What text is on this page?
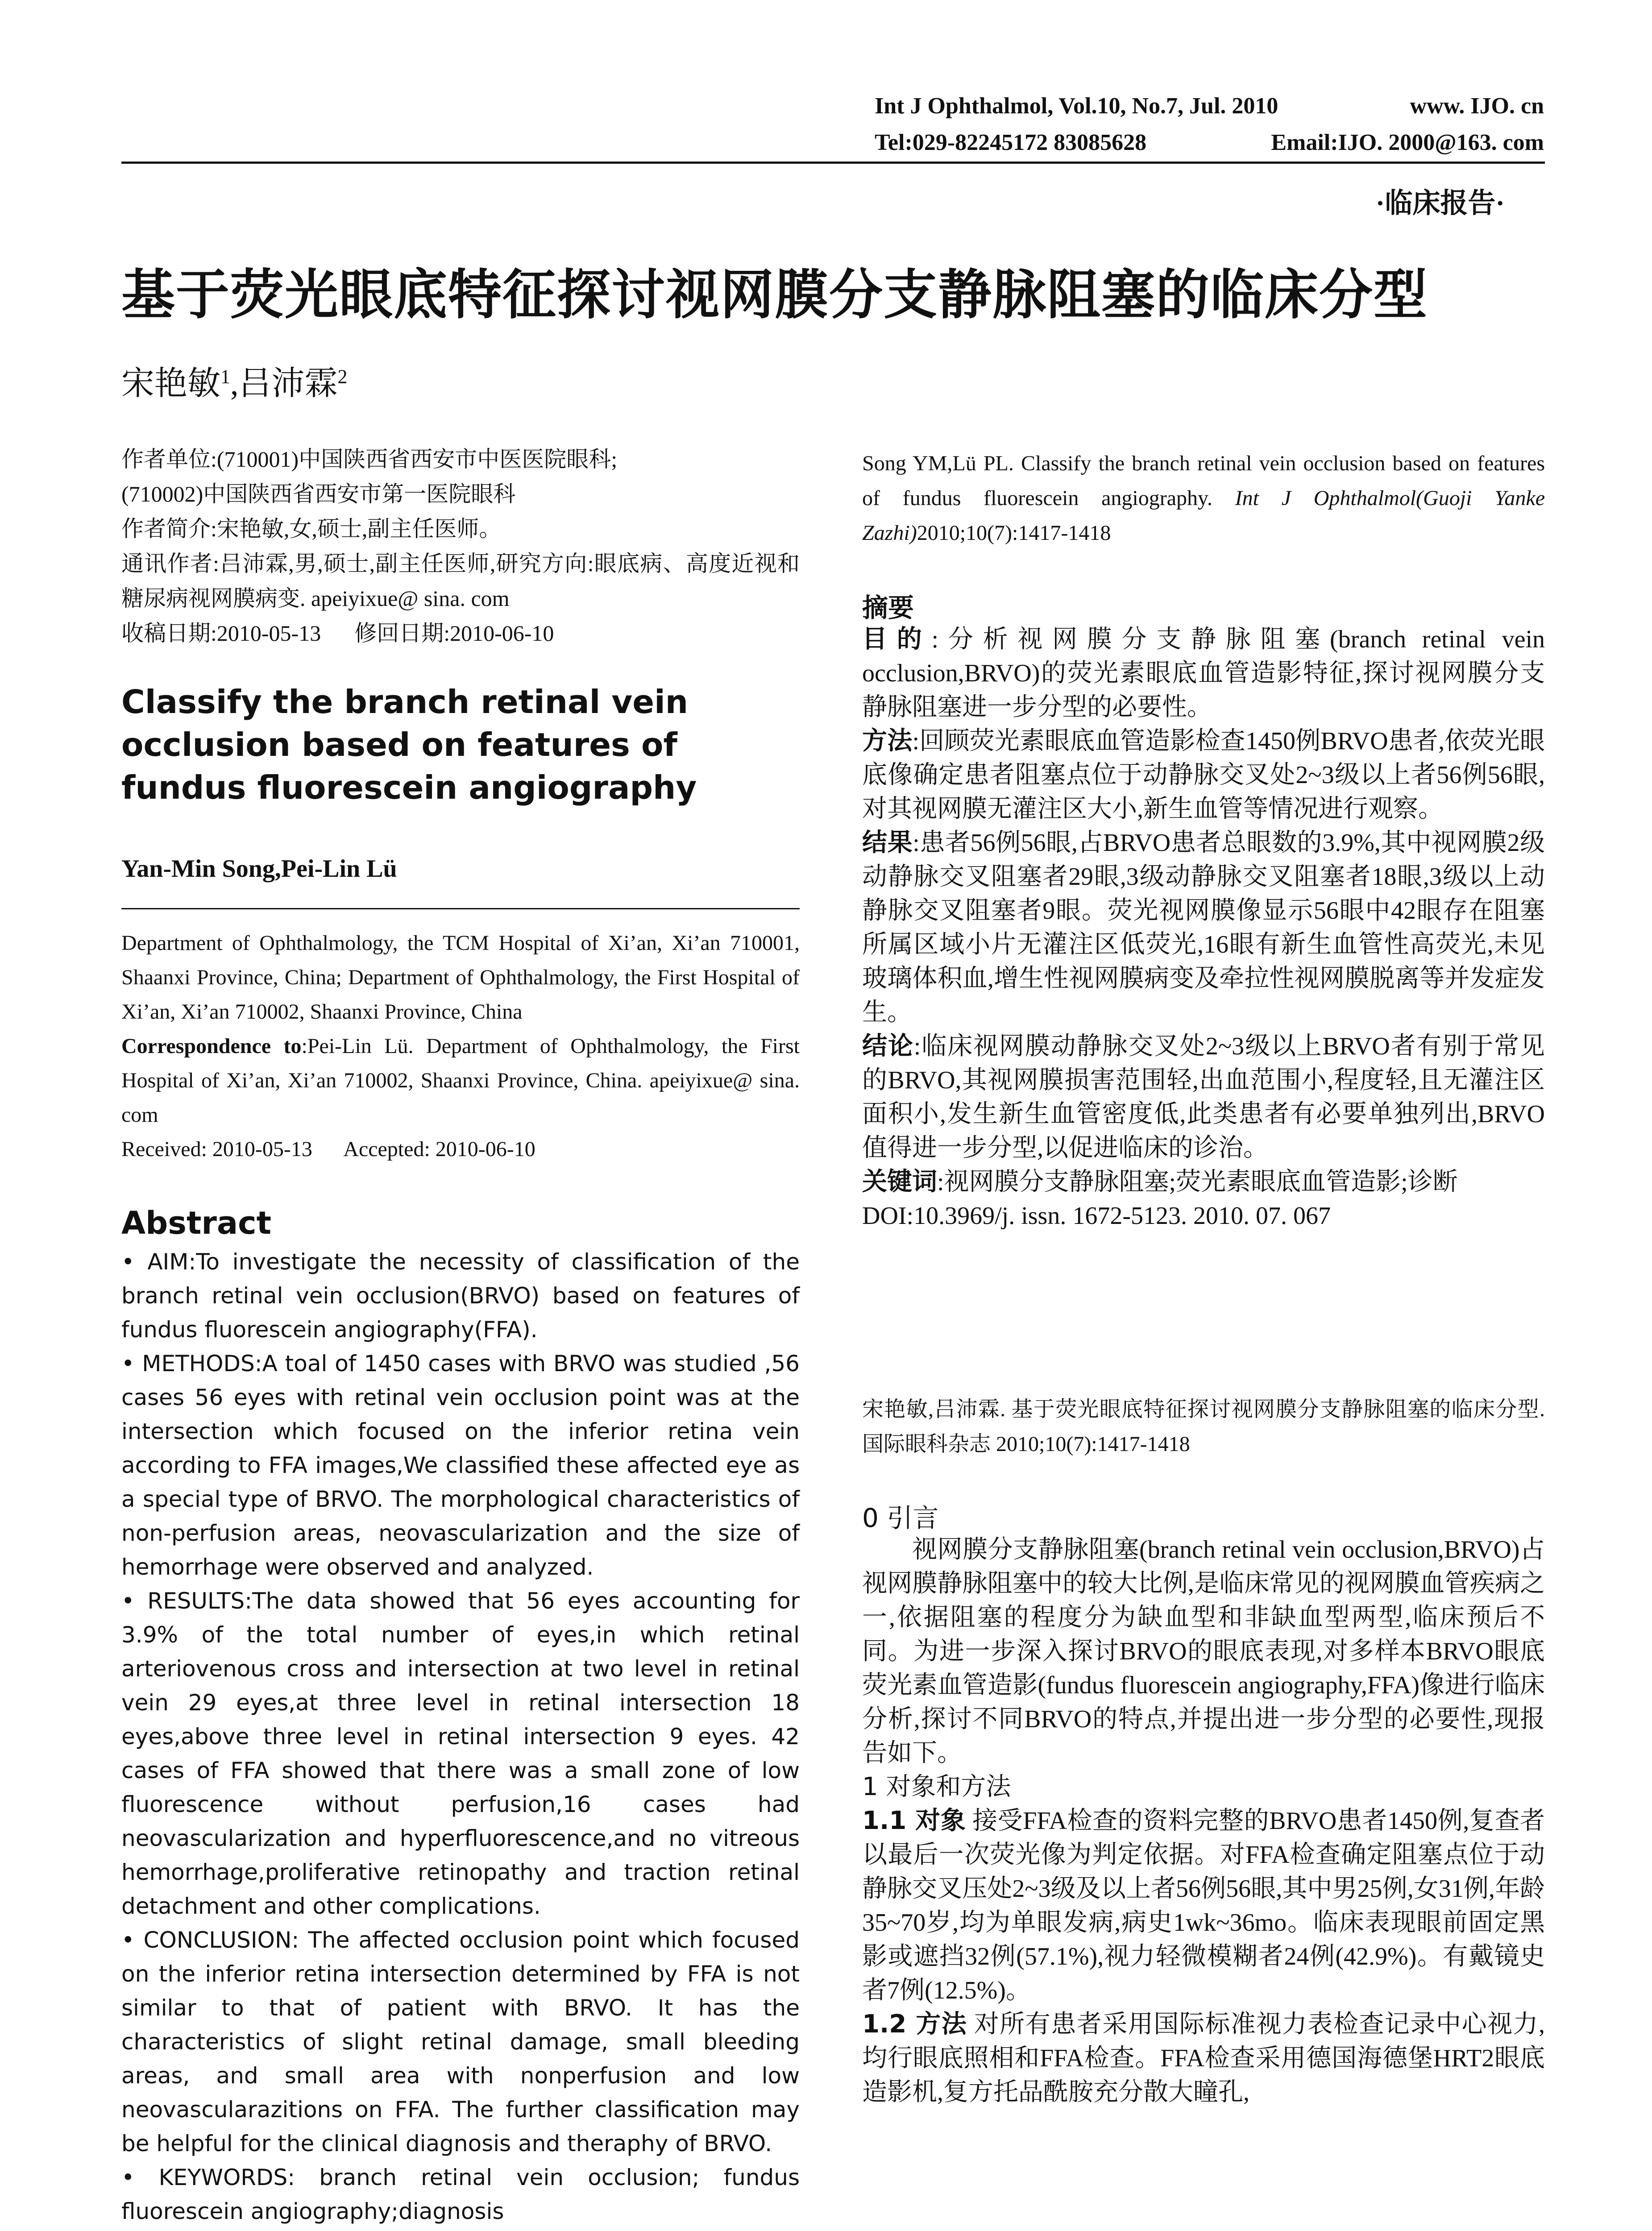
Int J Ophthalmol, Vol.10, No.7, Jul. 2010	www. IJO. cn
Tel:029-82245172 83085628	Email:IJO. 2000@163. com
·临床报告·
基于荧光眼底特征探讨视网膜分支静脉阻塞的临床分型
宋艳敏$^1$,吕沛霖$^2$

作者单位:(710001)中国陕西省西安市中医医院眼科;

(710002)中国陕西省西安市第一医院眼科

作者简介:宋艳敏,女,硕士,副主任医师。

通讯作者:吕沛霖,男,硕士,副主任医师,研究方向:眼底病、高度近视和糖尿病视网膜病变. apeiyixue@ sina. com

收稿日期:2010-05-13      修回日期:2010-06-10

Classify the branch retinal vein occlusion based on features of fundus fluorescein angiography
Yan-Min Song,Pei-Lin Lü

Department of Ophthalmology, the TCM Hospital of Xi’an, Xi’an 710001, Shaanxi Province, China; Department of Ophthalmology, the First Hospital of Xi’an, Xi’an 710002, Shaanxi Province, China

Correspondence to:Pei-Lin Lü. Department of Ophthalmology, the First Hospital of Xi’an, Xi’an 710002, Shaanxi Province, China. apeiyixue@ sina. com

Received: 2010-05-13      Accepted: 2010-06-10

Abstract

• AIM:To investigate the necessity of classification of the branch retinal vein occlusion(BRVO) based on features of fundus fluorescein angiography(FFA).

• METHODS:A toal of 1450 cases with BRVO was studied ,56 cases 56 eyes with retinal vein occlusion point was at the intersection which focused on the inferior retina vein according to FFA images,We classified these affected eye as a special type of BRVO. The morphological characteristics of non-perfusion areas, neovascularization and the size of hemorrhage were observed and analyzed.

• RESULTS:The data showed that 56 eyes accounting for 3.9% of the total number of eyes,in which retinal arteriovenous cross and intersection at two level in retinal vein 29 eyes,at three level in retinal intersection 18 eyes,above three level in retinal intersection 9 eyes. 42 cases of FFA showed that there was a small zone of low fluorescence without perfusion,16 cases had neovascularization and hyperfluorescence,and no vitreous hemorrhage,proliferative retinopathy and traction retinal detachment and other complications.

• CONCLUSION: The affected occlusion point which focused on the inferior retina intersection determined by FFA is not similar to that of patient with BRVO. It has the characteristics of slight retinal damage, small bleeding areas, and small area with nonperfusion and low neovascularazitions on FFA. The further classification may be helpful for the clinical diagnosis and theraphy of BRVO.

• KEYWORDS: branch retinal vein occlusion; fundus fluorescein angiography;diagnosis

Song YM,Lü PL. Classify the branch retinal vein occlusion based on features of fundus fluorescein angiography. Int J Ophthalmol(Guoji Yanke Zazhi)2010;10(7):1417-1418

摘要

目的:分析视网膜分支静脉阻塞(branch retinal vein occlusion,BRVO)的荧光素眼底血管造影特征,探讨视网膜分支静脉阻塞进一步分型的必要性。

方法:回顾荧光素眼底血管造影检查1450例BRVO患者,依荧光眼底像确定患者阻塞点位于动静脉交叉处2~3级以上者56例56眼,对其视网膜无灌注区大小,新生血管等情况进行观察。

结果:患者56例56眼,占BRVO患者总眼数的3.9%,其中视网膜2级动静脉交叉阻塞者29眼,3级动静脉交叉阻塞者18眼,3级以上动静脉交叉阻塞者9眼。荧光视网膜像显示56眼中42眼存在阻塞所属区域小片无灌注区低荧光,16眼有新生血管性高荧光,未见玻璃体积血,增生性视网膜病变及牵拉性视网膜脱离等并发症发生。

结论:临床视网膜动静脉交叉处2~3级以上BRVO者有别于常见的BRVO,其视网膜损害范围轻,出血范围小,程度轻,且无灌注区面积小,发生新生血管密度低,此类患者有必要单独列出,BRVO值得进一步分型,以促进临床的诊治。

关键词:视网膜分支静脉阻塞;荧光素眼底血管造影;诊断

DOI:10.3969/j. issn. 1672-5123. 2010. 07. 067

宋艳敏,吕沛霖. 基于荧光眼底特征探讨视网膜分支静脉阻塞的临床分型. 国际眼科杂志 2010;10(7):1417-1418

0 引言

视网膜分支静脉阻塞(branch retinal vein occlusion,BRVO)占视网膜静脉阻塞中的较大比例,是临床常见的视网膜血管疾病之一,依据阻塞的程度分为缺血型和非缺血型两型,临床预后不同。为进一步深入探讨BRVO的眼底表现,对多样本BRVO眼底荧光素血管造影(fundus fluorescein angiography,FFA)像进行临床分析,探讨不同BRVO的特点,并提出进一步分型的必要性,现报告如下。

1 对象和方法

1.1 对象 接受FFA检查的资料完整的BRVO患者1450例,复查者以最后一次荧光像为判定依据。对FFA检查确定阻塞点位于动静脉交叉压处2~3级及以上者56例56眼,其中男25例,女31例,年龄35~70岁,均为单眼发病,病史1wk~36mo。临床表现眼前固定黑影或遮挡32例(57.1%),视力轻微模糊者24例(42.9%)。有戴镜史者7例(12.5%)。

1.2 方法 对所有患者采用国际标准视力表检查记录中心视力,均行眼底照相和FFA检查。FFA检查采用德国海德堡HRT2眼底造影机,复方托品酰胺充分散大瞳孔,
